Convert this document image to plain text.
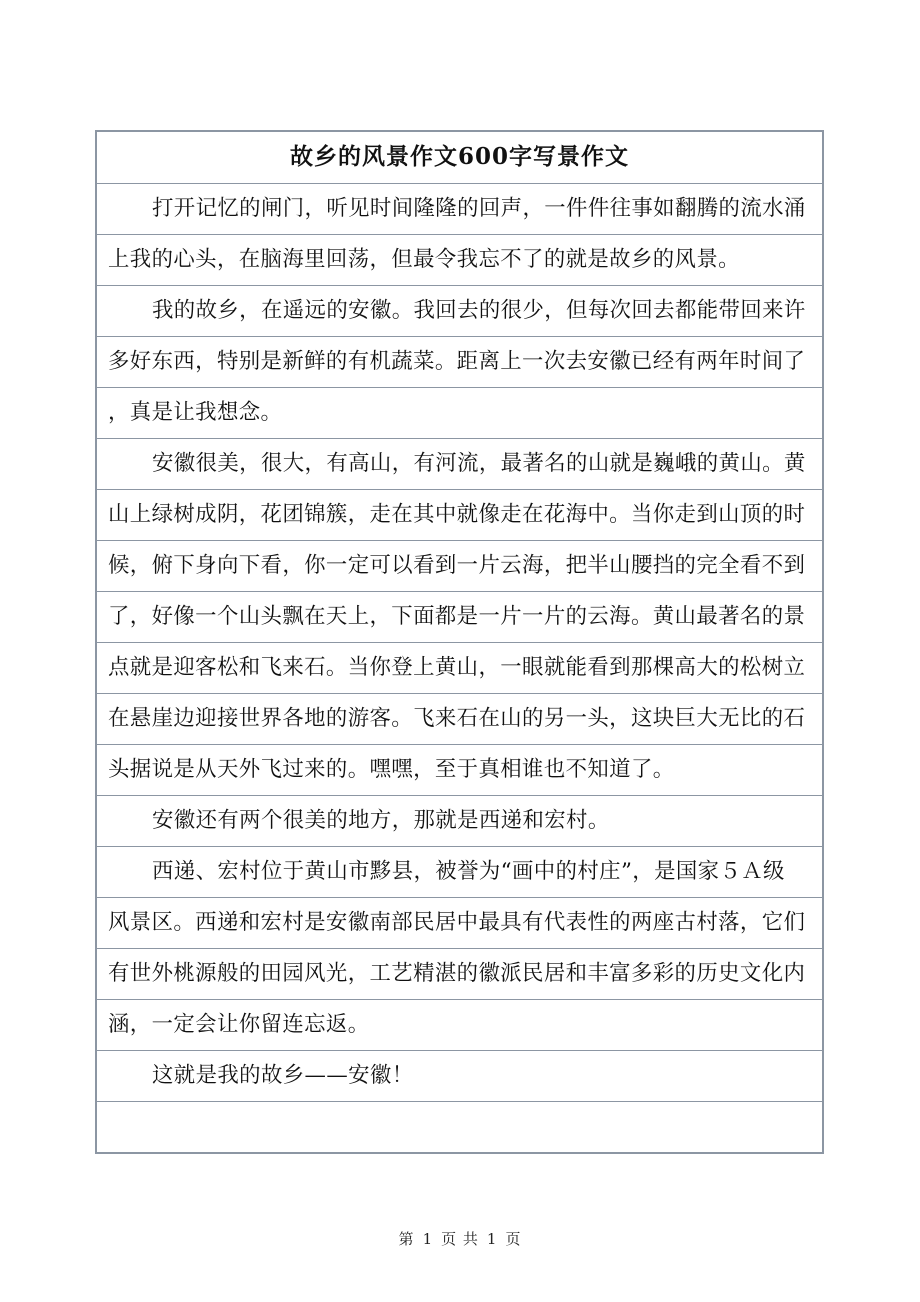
故乡的风景作文600字写景作文
打开记忆的闸门，听见时间隆隆的回声，一件件往事如翻腾的流水涌
上我的心头，在脑海里回荡，但最令我忘不了的就是故乡的风景。
我的故乡，在遥远的安徽。我回去的很少，但每次回去都能带回来许
多好东西，特别是新鲜的有机蔬菜。距离上一次去安徽已经有两年时间了
，真是让我想念。
安徽很美，很大，有高山，有河流，最著名的山就是巍峨的黄山。黄
山上绿树成阴，花团锦簇，走在其中就像走在花海中。当你走到山顶的时
候，俯下身向下看，你一定可以看到一片云海，把半山腰挡的完全看不到
了，好像一个山头飘在天上，下面都是一片一片的云海。黄山最著名的景
点就是迎客松和飞来石。当你登上黄山，一眼就能看到那棵高大的松树立
在悬崖边迎接世界各地的游客。飞来石在山的另一头，这块巨大无比的石
头据说是从天外飞过来的。嘿嘿，至于真相谁也不知道了。
安徽还有两个很美的地方，那就是西递和宏村。
西递、宏村位于黄山市黟县，被誉为“画中的村庄”，是国家５Ａ级
风景区。西递和宏村是安徽南部民居中最具有代表性的两座古村落，它们
有世外桃源般的田园风光，工艺精湛的徽派民居和丰富多彩的历史文化内
涵，一定会让你留连忘返。
这就是我的故乡——安徽！
第 1 页 共 1 页
